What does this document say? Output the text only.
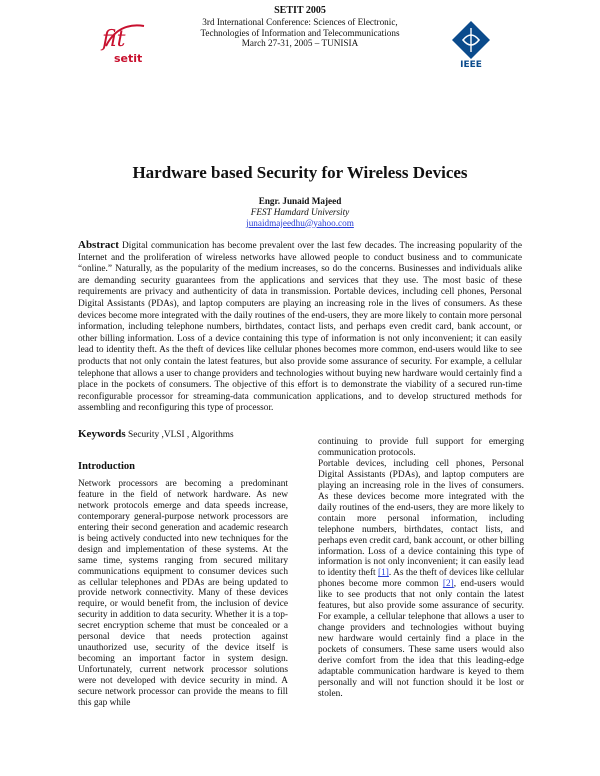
fit
setit
SETIT 2005
3rd International Conference: Sciences of Electronic,
Technologies of Information and Telecommunications
March 27-31, 2005 – TUNISIA
IEEE
Hardware based Security for Wireless Devices
Engr. Junaid Majeed
FEST Hamdard University
junaidmajeedhu@yahoo.com
Abstract Digital communication has become prevalent over the last few decades. The increasing popularity of the Internet and the proliferation of wireless networks have allowed people to conduct business and to communicate “online.” Naturally, as the popularity of the medium increases, so do the concerns. Businesses and individuals alike are demanding security guarantees from the applications and services that they use. The most basic of these requirements are privacy and authenticity of data in transmission. Portable devices, including cell phones, Personal Digital Assistants (PDAs), and laptop computers are playing an increasing role in the lives of consumers. As these devices become more integrated with the daily routines of the end-users, they are more likely to contain more personal information, including telephone numbers, birthdates, contact lists, and perhaps even credit card, bank account, or other billing information. Loss of a device containing this type of information is not only inconvenient; it can easily lead to identity theft. As the theft of devices like cellular phones becomes more common, end-users would like to see products that not only contain the latest features, but also provide some assurance of security. For example, a cellular telephone that allows a user to change providers and technologies without buying new hardware would certainly find a place in the pockets of consumers. The objective of this effort is to demonstrate the viability of a secured run-time reconfigurable processor for streaming-data communication applications, and to develop structured methods for assembling and reconfiguring this type of processor.
Keywords Security ,VLSI , Algorithms
Introduction

Network processors are becoming a predominant feature in the field of network hardware. As new network protocols emerge and data speeds increase, contemporary general-purpose network processors are entering their second generation and academic research is being actively conducted into new techniques for the design and implementation of these systems. At the same time, systems ranging from secured military communications equipment to consumer devices such as cellular telephones and PDAs are being updated to provide network connectivity. Many of these devices require, or would benefit from, the inclusion of device security in addition to data security. Whether it is a top-secret encryption scheme that must be concealed or a personal device that needs protection against unauthorized use, security of the device itself is becoming an important factor in system design. Unfortunately, current network processor solutions were not developed with device security in mind. A secure network processor can provide the means to fill this gap while

continuing to provide full support for emerging communication protocols.

Portable devices, including cell phones, Personal Digital Assistants (PDAs), and laptop computers are playing an increasing role in the lives of consumers. As these devices become more integrated with the daily routines of the end-users, they are more likely to contain more personal information, including telephone numbers, birthdates, contact lists, and perhaps even credit card, bank account, or other billing information. Loss of a device containing this type of information is not only inconvenient; it can easily lead to identity theft [1]. As the theft of devices like cellular phones become more common [2], end-users would like to see products that not only contain the latest features, but also provide some assurance of security. For example, a cellular telephone that allows a user to change providers and technologies without buying new hardware would certainly find a place in the pockets of consumers. These same users would also derive comfort from the idea that this leading-edge adaptable communication hardware is keyed to them personally and will not function should it be lost or stolen.
